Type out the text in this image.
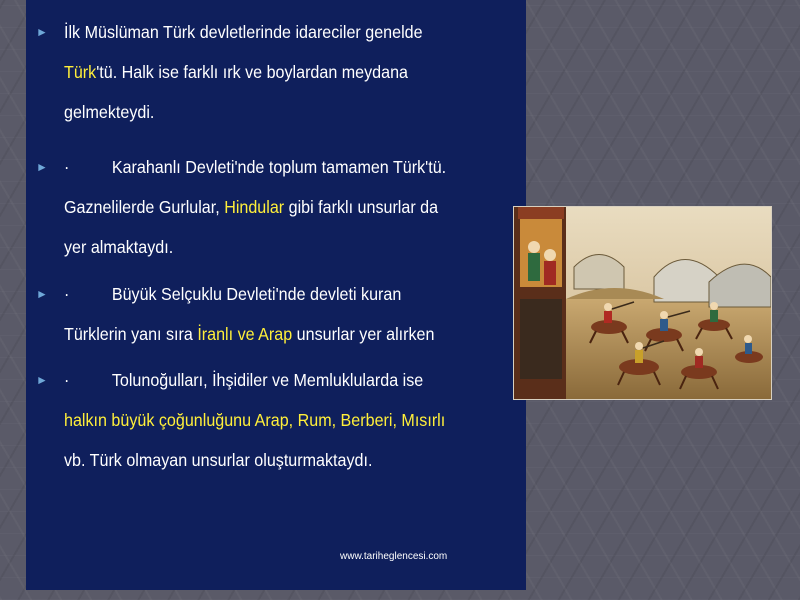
► İlk Müslüman Türk devletlerinde idareciler genelde
Türk'tü. Halk ise farklı ırk ve boylardan meydana
gelmekteydi.
► · Karahanlı Devleti'nde toplum tamamen Türk'tü.
Gaznelilerde Gurlular, Hindular gibi farklı unsurlar da
yer almaktaydı.
► · Büyük Selçuklu Devleti'nde devleti kuran
Türklerin yanı sıra İranlı ve Arap unsurlar yer alırken
► · Tolunoğulları, İhşidiler ve Memluklularda ise
halkın büyük çoğunluğunu Arap, Rum, Berberi, Mısırlı
vb. Türk olmayan unsurlar oluşturmaktaydı.
www.tariheglencesi.com
